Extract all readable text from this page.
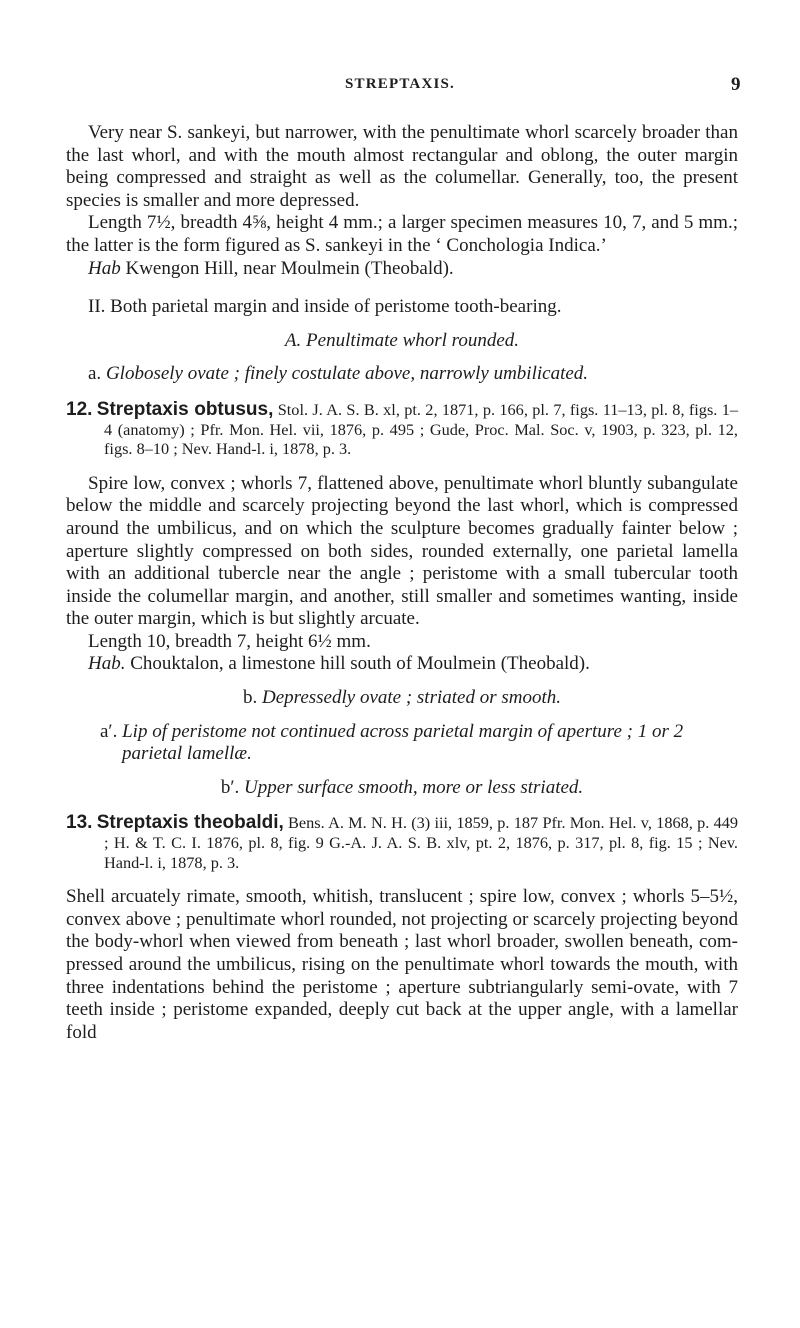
STREPTAXIS.	9

Very near S. sankeyi, but narrower, with the penultimate whorl scarcely broader than the last whorl, and with the mouth almost rectangular and oblong, the outer margin being compressed and straight as well as the columellar. Generally, too, the present species is smaller and more depressed.

Length 7½, breadth 4⅝, height 4 mm.; a larger specimen measures 10, 7, and 5 mm.; the latter is the form figured as S. sankeyi in the ‘ Conchologia Indica.’

Hab Kwengon Hill, near Moulmein (Theobald).

II. Both parietal margin and inside of peristome tooth-bearing.

A. Penultimate whorl rounded.

a. Globosely ovate ; finely costulate above, narrowly umbilicated.

12. Streptaxis obtusus, Stol. J. A. S. B. xl, pt. 2, 1871, p. 166, pl. 7, figs. 11–13, pl. 8, figs. 1–4 (anatomy) ; Pfr. Mon. Hel. vii, 1876, p. 495 ; Gude, Proc. Mal. Soc. v, 1903, p. 323, pl. 12, figs. 8–10 ; Nev. Hand-l. i, 1878, p. 3.

Spire low, convex ; whorls 7, flattened above, penultimate whorl bluntly subangulate below the middle and scarcely projecting beyond the last whorl, which is compressed around the umbilicus, and on which the sculpture becomes gradually fainter below ; aperture slightly compressed on both sides, rounded externally, one parietal lamella with an additional tubercle near the angle ; peristome with a small tubercular tooth inside the columellar margin, and another, still smaller and sometimes wanting, inside the outer margin, which is but slightly arcuate.

Length 10, breadth 7, height 6½ mm.

Hab. Chouktalon, a limestone hill south of Moulmein (Theobald).

b. Depressedly ovate ; striated or smooth.

a′. Lip of peristome not continued across parietal margin of aperture ; 1 or 2 parietal lamellæ.

b′. Upper surface smooth, more or less striated.

13. Streptaxis theobaldi, Bens. A. M. N. H. (3) iii, 1859, p. 187 Pfr. Mon. Hel. v, 1868, p. 449 ; H. & T. C. I. 1876, pl. 8, fig. 9 G.-A. J. A. S. B. xlv, pt. 2, 1876, p. 317, pl. 8, fig. 15 ; Nev. Hand-l. i, 1878, p. 3.

Shell arcuately rimate, smooth, whitish, translucent ; spire low, convex ; whorls 5–5½, convex above ; penultimate whorl rounded, not projecting or scarcely projecting beyond the body-whorl when viewed from beneath ; last whorl broader, swollen beneath, com- pressed around the umbilicus, rising on the penultimate whorl towards the mouth, with three indentations behind the peristome ; aperture subtriangularly semi-ovate, with 7 teeth inside ; peristome expanded, deeply cut back at the upper angle, with a lamellar fold
